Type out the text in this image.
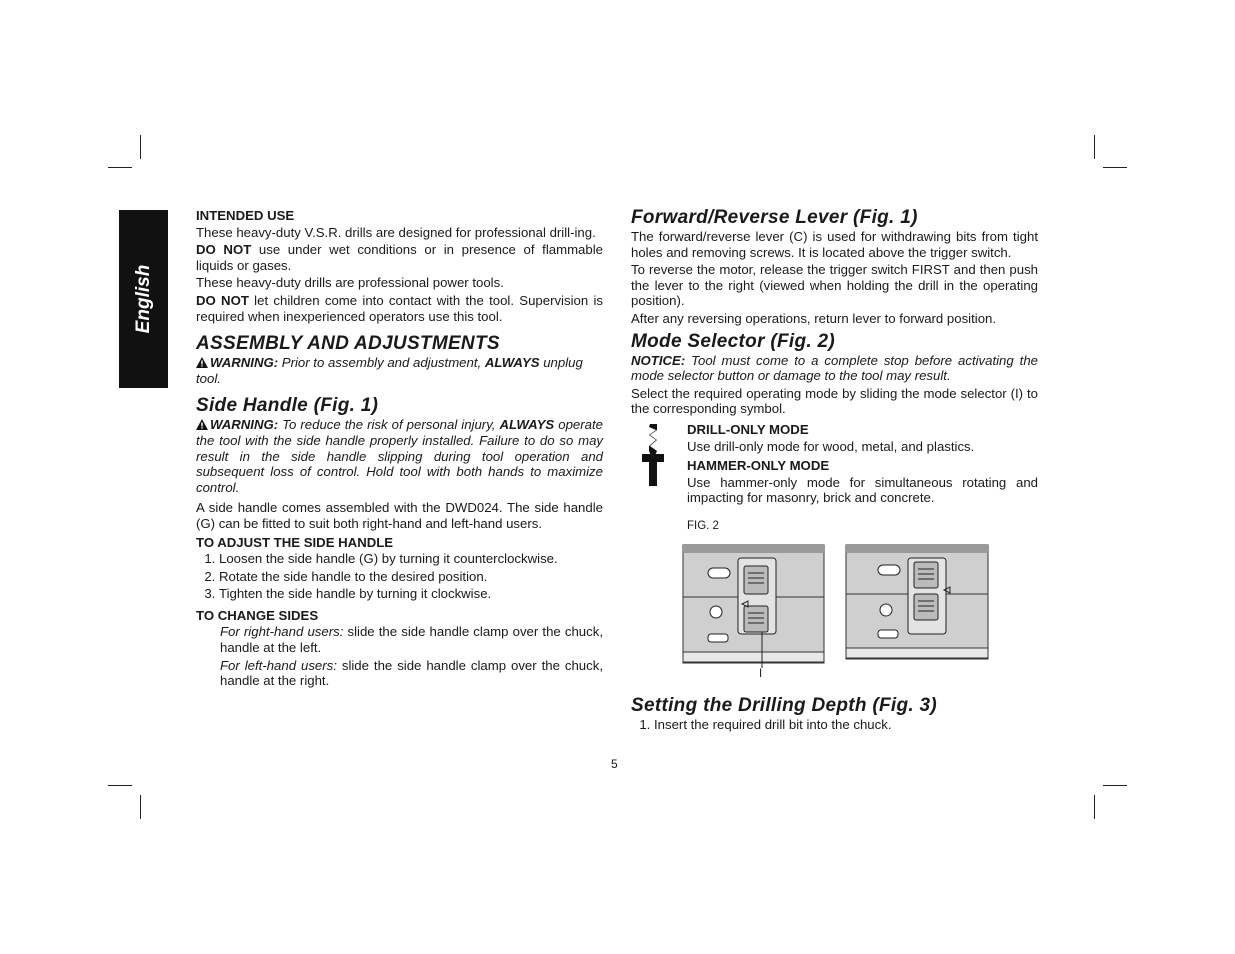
English
INTENDED USE

These heavy-duty V.S.R. drills are designed for professional drill-ing.

DO NOT use under wet conditions or in presence of flammable liquids or gases.

These heavy-duty drills are professional power tools.

DO NOT let children come into contact with the tool. Supervision is required when inexperienced operators use this tool.

ASSEMBLY AND ADJUSTMENTS

WARNING: Prior to assembly and adjustment, ALWAYS unplug tool.

Side Handle (Fig. 1)

WARNING: To reduce the risk of personal injury, ALWAYS operate the tool with the side handle properly installed. Failure to do so may result in the side handle slipping during tool operation and subsequent loss of control. Hold tool with both hands to maximize control.

A side handle comes assembled with the DWD024. The side handle (G) can be fitted to suit both right-hand and left-hand users.

TO ADJUST THE SIDE HANDLE
1. Loosen the side handle (G) by turning it counterclockwise.
2. Rotate the side handle to the desired position.
3. Tighten the side handle by turning it clockwise.
TO CHANGE SIDES

For right-hand users: slide the side handle clamp over the chuck, handle at the left.

For left-hand users: slide the side handle clamp over the chuck, handle at the right.

Forward/Reverse Lever (Fig. 1)

The forward/reverse lever (C) is used for withdrawing bits from tight holes and removing screws. It is located above the trigger switch.

To reverse the motor, release the trigger switch FIRST and then push the lever to the right (viewed when holding the drill in the operating position).

After any reversing operations, return lever to forward position.

Mode Selector (Fig. 2)

NOTICE: Tool must come to a complete stop before activating the mode selector button or damage to the tool may result.

Select the required operating mode by sliding the mode selector (I) to the corresponding symbol.

DRILL-ONLY MODE

Use drill-only mode for wood, metal, and plastics.

HAMMER-ONLY MODE

Use hammer-only mode for simultaneous rotating and impacting for masonry, brick and concrete.

FIG. 2
I
Setting the Drilling Depth (Fig. 3)
1. Insert the required drill bit into the chuck.
5
